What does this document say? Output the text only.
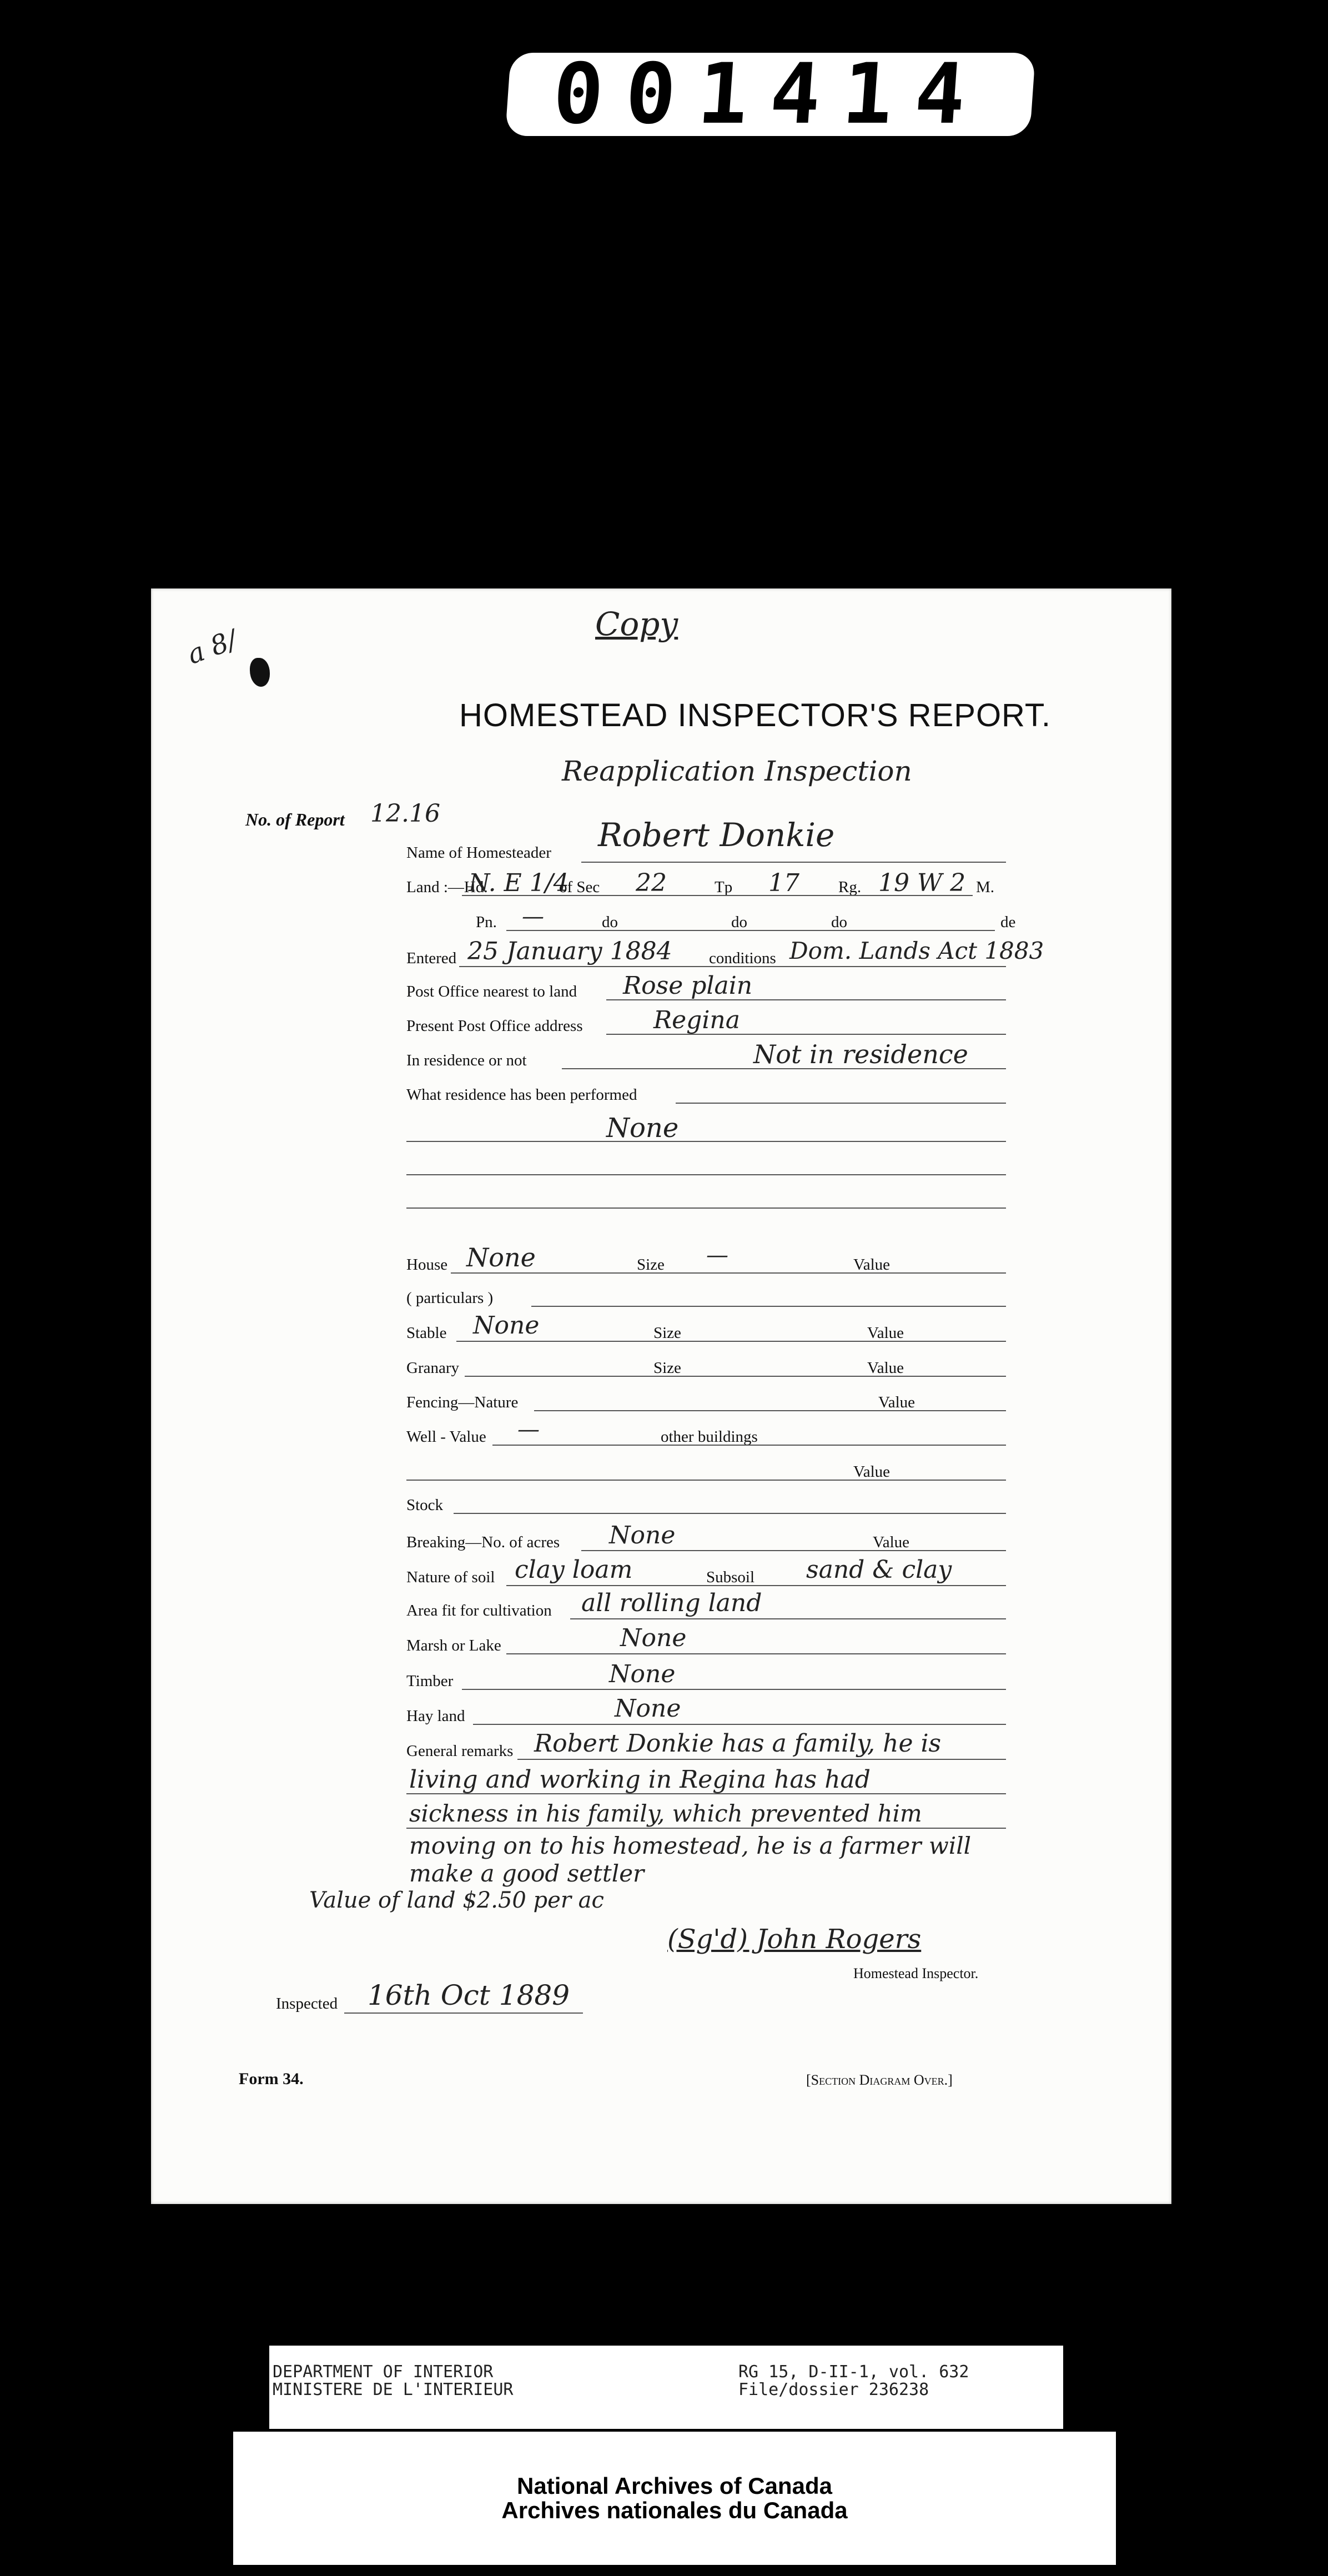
001414
a 8/
Copy
HOMESTEAD INSPECTOR'S REPORT.
Reapplication Inspection
No. of Report 12.16
Name of Homesteader Robert Donkie
Land :—Hd.
N. E 1/4
of Sec 22	Tp 17 Rg. 19 W 2 M.
Pn. —	do	do	do	de
Entered 25 January 1884 conditions Dom. Lands Act 1883
Post Office nearest to land Rose plain
Present Post Office address	Regina
In residence or not	Not in residence
What residence has been performed
None
House None	Size —	Value
( particulars )
Stable None	Size	Value
Granary	Size	Value
Fencing—Nature	Value
Well - Value —	other buildings
Value
Stock
Breaking—No. of acres None	Value
Nature of soil clay loam	Subsoil sand & clay
Area fit for cultivation all rolling land
Marsh or Lake	None
Timber	None
Hay land	None
General remarks Robert Donkie has a family, he is
living and working in Regina has had
sickness in his family, which prevented him
moving on to his homestead, he is a farmer will
make a good settler
Value of land $2.50 per ac
(Sg'd) John Rogers
Homestead Inspector.
Inspected 16th Oct 1889
Form 34.	[Section Diagram Over.]
DEPARTMENT OF INTERIOR
MINISTERE DE L'INTERIEUR
RG 15, D-II-1, vol. 632
File/dossier 236238
National Archives of Canada
Archives nationales du Canada
